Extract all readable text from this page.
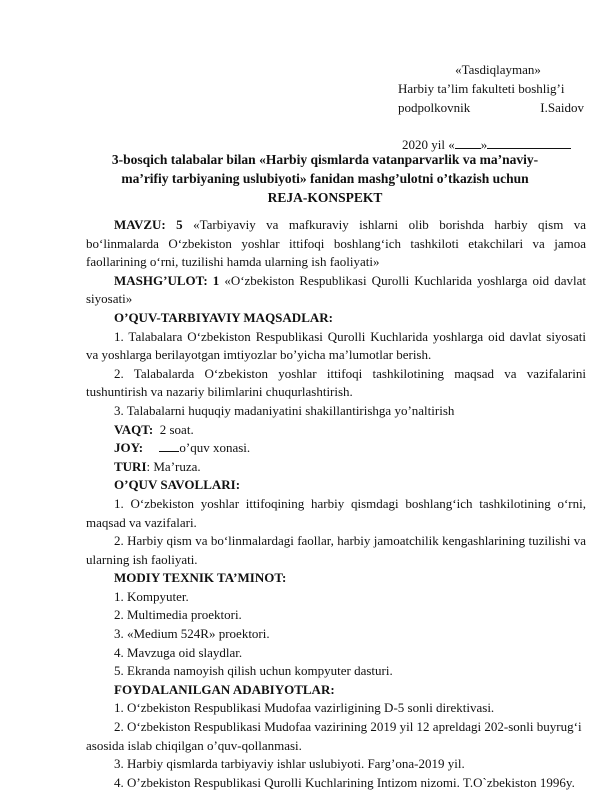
«Tasdiqlayman»
Harbiy ta’lim fakulteti boshlig’i
podpolkovnik	I.Saidov
2020 yil « »
3-bosqich talabalar bilan «Harbiy qismlarda vatanparvarlik va ma’naviy-
ma’rifiy tarbiyaning uslubiyoti» fanidan mashg’ulotni o’tkazish uchun
REJA-KONSPEKT

MAVZU: 5 «Tarbiyaviy va mafkuraviy ishlarni olib borishda harbiy qism va bo‘linmalarda O‘zbekiston yoshlar ittifoqi boshlang‘ich tashkiloti etakchilari va jamoa faollarining o‘rni, tuzilishi hamda ularning ish faoliyati»

MASHG’ULOT: 1 «O‘zbekiston Respublikasi Qurolli Kuchlarida yoshlarga oid davlat siyosati»

O’QUV-TARBIYAVIY MAQSADLAR:

1. Talabalara O‘zbekiston Respublikasi Qurolli Kuchlarida yoshlarga oid davlat siyosati va yoshlarga berilayotgan imtiyozlar bo’yicha ma’lumotlar berish.

2. Talabalarda O‘zbekiston yoshlar ittifoqi tashkilotining maqsad va vazifalarini tushuntirish va nazariy bilimlarini chuqurlashtirish.

3. Talabalarni huquqiy madaniyatini shakillantirishga yo’naltirish

VAQT: 2 soat.

JOY:	o’quv xonasi.

TURI: Ma’ruza.

O’QUV SAVOLLARI:

1. O‘zbekiston yoshlar ittifoqining harbiy qismdagi boshlang‘ich tashkilotining o‘rni, maqsad va vazifalari.

2. Harbiy qism va bo‘linmalardagi faollar, harbiy jamoatchilik kengashlarining tuzilishi va ularning ish faoliyati.

MODIY TEXNIK TA’MINOT:

1. Kompyuter.

2. Multimedia proektori.

3. «Medium 524R» proektori.

4. Mavzuga oid slaydlar.

5. Ekranda namoyish qilish uchun kompyuter dasturi.

FOYDALANILGAN ADABIYOTLAR:

1. O‘zbekiston Respublikasi Mudofaa vazirligining D-5 sonli direktivasi.

2. O‘zbekiston Respublikasi Mudofaa vazirining 2019 yil 12 apreldagi 202-sonli buyrug‘i asosida islab chiqilgan o’quv-qollanmasi.

3. Harbiy qismlarda tarbiyaviy ishlar uslubiyoti. Farg’ona-2019 yil.

4. O’zbekiston Respublikasi Qurolli Kuchlarining Intizom nizomi. T.O`zbekiston 1996y.
